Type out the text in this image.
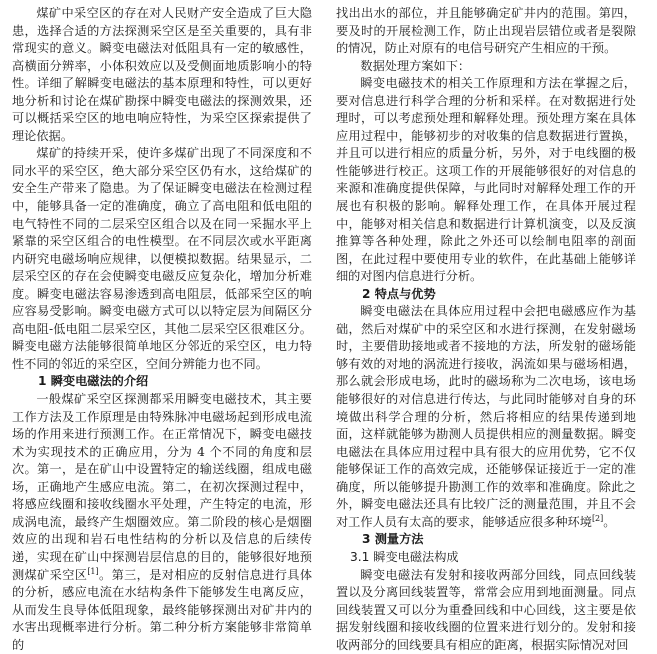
煤矿中采空区的存在对人民财产安全造成了巨大隐患，选择合适的方法探测采空区是至关重要的，具有非常现实的意义。瞬变电磁法对低阻具有一定的敏感性，高横面分辨率，小体积效应以及受侧面地质影响小的特性。详细了解瞬变电磁法的基本原理和特性，可以更好地分析和讨论在煤矿勘探中瞬变电磁法的探测效果，还可以概括采空区的地电响应特性，为采空区探索提供了理论依据。

煤矿的持续开采，使许多煤矿出现了不同深度和不同水平的采空区，绝大部分采空区仍有水，这给煤矿的安全生产带来了隐患。为了保证瞬变电磁法在检测过程中，能够具备一定的准确度，确立了高电阻和低电阻的电气特性不同的二层采空区组合以及在同一采掘水平上紧靠的采空区组合的电性模型。在不同层次或水平距离内研究电磁场响应规律，以便模拟数据。结果显示，二层采空区的存在会使瞬变电磁反应复杂化，增加分析难度。瞬变电磁法容易渗透到高电阻层，低部采空区的响应容易受影响。瞬变电磁方式可以以特定层为间隔区分高电阻-低电阻二层采空区，其他二层采空区很难区分。瞬变电磁方法能够很简单地区分邻近的采空区，电力特性不同的邻近的采空区，空间分辨能力也不同。

1 瞬变电磁法的介绍

一般煤矿采空区探测都采用瞬变电磁技术，其主要工作方法及工作原理是由特殊脉冲电磁场起到形成电流场的作用来进行预测工作。在正常情况下，瞬变电磁技术为实现技术的正确应用，分为 4 个不同的角度和层次。第一，是在矿山中设置特定的输送线圈，组成电磁场，正确地产生感应电流。第二，在初次探测过程中，将感应线圈和接收线圈水平处理，产生特定的电流，形成涡电流，最终产生烟圈效应。第二阶段的核心是烟圈效应的出现和岩石电性结构的分析以及信息的后续传递，实现在矿山中探测岩层信息的目的，能够很好地预测煤矿采空区[1]。第三，是对相应的反射信息进行具体的分析，感应电流在水结构条件下能够发生电离反应，从而发生良导体低阻现象，最终能够探测出对矿井内的水害出现概率进行分析。第二种分析方案能够非常简单的

找出出水的部位，并且能够确定矿井内的范围。第四，要及时的开展检测工作，防止出现岩层错位或者是裂隙的情况，防止对原有的电信号研究产生相应的干预。

数据处理方案如下：

瞬变电磁技术的相关工作原理和方法在掌握之后，要对信息进行科学合理的分析和采样。在对数据进行处理时，可以考虑预处理和解释处理。预处理方案在具体应用过程中，能够初步的对收集的信息数据进行置换，并且可以进行相应的质量分析，另外，对于电线圈的极性能够进行校正。这项工作的开展能够很好的对信息的来源和准确度提供保障，与此同时对解释处理工作的开展也有积极的影响。解释处理工作，在具体开展过程中，能够对相关信息和数据进行计算机演变，以及反演推算等各种处理，除此之外还可以绘制电阻率的剖面图，在此过程中要使用专业的软件，在此基础上能够详细的对图内信息进行分析。

2 特点与优势

瞬变电磁法在具体应用过程中会把电磁感应作为基础，然后对煤矿中的采空区和水进行探测，在发射磁场时，主要借助接地或者不接地的方法，所发射的磁场能够有效的对地的涡流进行接收，涡流如果与磁场相遇，那么就会形成电场，此时的磁场称为二次电场，该电场能够很好的对信息进行传达，与此同时能够对自身的环境做出科学合理的分析，然后将相应的结果传递到地面，这样就能够为勘测人员提供相应的测量数据。瞬变电磁法在具体应用过程中具有很大的应用优势，它不仅能够保证工作的高效完成，还能够保证接近于一定的准确度，所以能够提升勘测工作的效率和准确度。除此之外，瞬变电磁法还具有比较广泛的测量范围，并且不会对工作人员有太高的要求，能够适应很多种环境[2]。

3 测量方法
3.1 瞬变电磁法构成

瞬变电磁法有发射和接收两部分回线，同点回线装置以及分离回线装置等，常常会应用到地面测量。同点回线装置又可以分为重叠回线和中心回线，这主要是依据发射线圈和接收线圈的位置来进行划分的。发射和接收两部分的回线要具有相应的距离，根据实际情况对回
